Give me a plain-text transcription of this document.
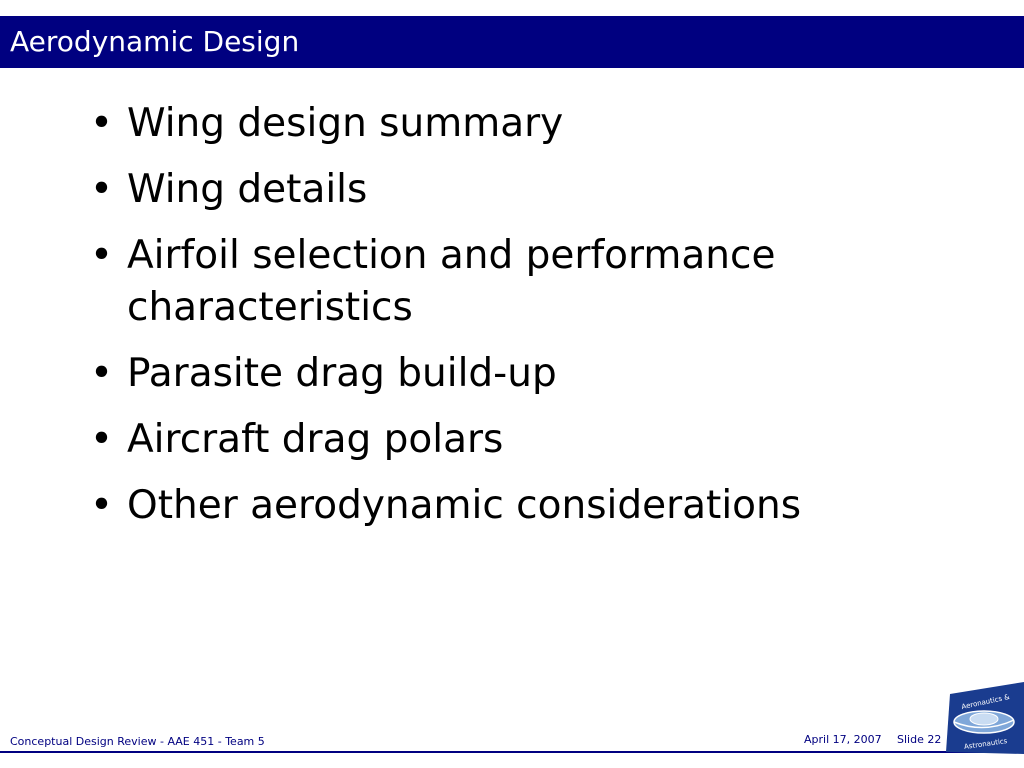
Aerodynamic Design
• Wing design summary
• Wing details
• Airfoil selection and performance characteristics
• Parasite drag build-up
• Aircraft drag polars
• Other aerodynamic considerations
Conceptual Design Review - AAE 451 - Team 5	April 17, 2007 Slide 22
Aeronautics &
Astronautics
